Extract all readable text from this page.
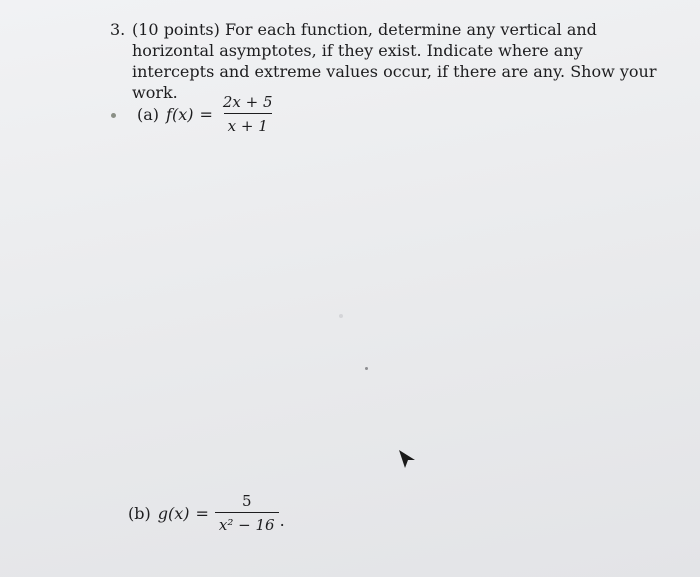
3. (10 points) For each function, determine any vertical and horizontal asymptotes, if they exist. Indicate where any intercepts and extreme values occur, if there are any. Show your work.
(a) $f(x) = \frac{2x + 5}{x + 1}$
(b) $g(x) = \frac{5}{\text{x² − 16}}$ .
